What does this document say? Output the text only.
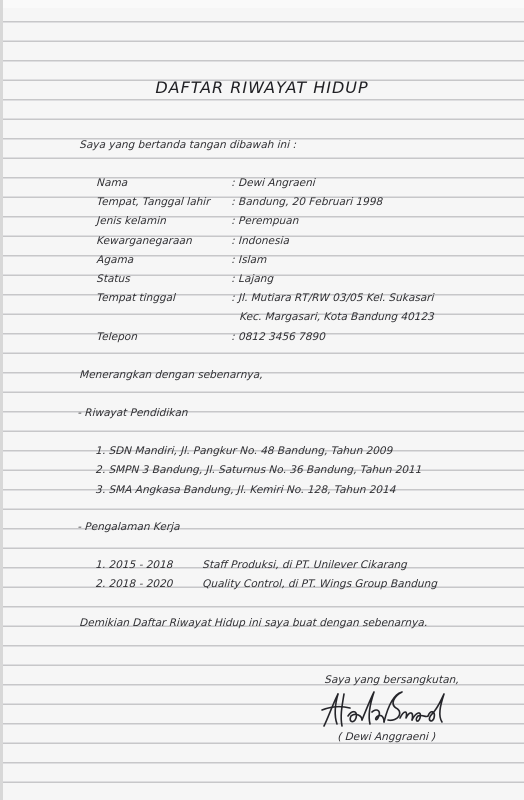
DAFTAR RIWAYAT HIDUP
Saya yang bertanda tangan dibawah ini :
Nama	: Dewi Angraeni
Tempat, Tanggal lahir : Bandung, 20 Februari 1998
Jenis kelamin	: Perempuan
Kewarganegaraan	: Indonesia
Agama	: Islam
Status	: Lajang
Tempat tinggal	: Jl. Mutiara RT/RW 03/05 Kel. Sukasari
Kec. Margasari, Kota Bandung 40123
Telepon	: 0812 3456 7890
Menerangkan dengan sebenarnya,
- Riwayat Pendidikan
1. SDN Mandiri, Jl. Pangkur No. 48 Bandung, Tahun 2009
2. SMPN 3 Bandung, Jl. Saturnus No. 36 Bandung, Tahun 2011
3. SMA Angkasa Bandung, Jl. Kemiri No. 128, Tahun 2014
- Pengalaman Kerja
1. 2015 - 2018	Staff Produksi, di PT. Unilever Cikarang
2. 2018 - 2020	Quality Control, di PT. Wings Group Bandung
Demikian Daftar Riwayat Hidup ini saya buat dengan sebenarnya.
Saya yang bersangkutan,
( Dewi Anggraeni )
